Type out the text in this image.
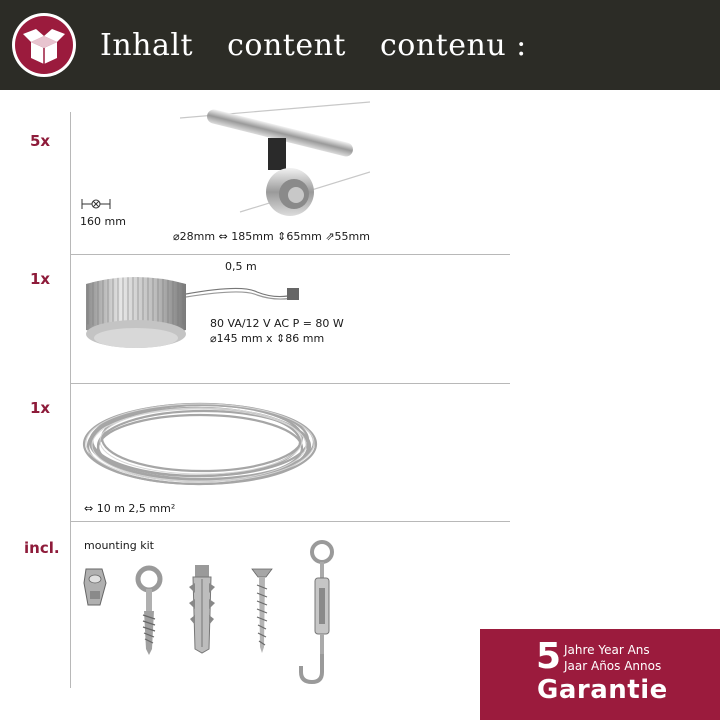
Inhalt content contenu :
5x
160 mm
⌀28mm ⇔ 185mm ⇕65mm ⇗55mm
1x
0,5 m
80 VA/12 V AC P = 80 W
⌀145 mm x ⇕86 mm
1x
⇔ 10 m 2,5 mm²
incl. mounting kit
5 Jahre Year Ans
Jaar Años Annos
Garantie
